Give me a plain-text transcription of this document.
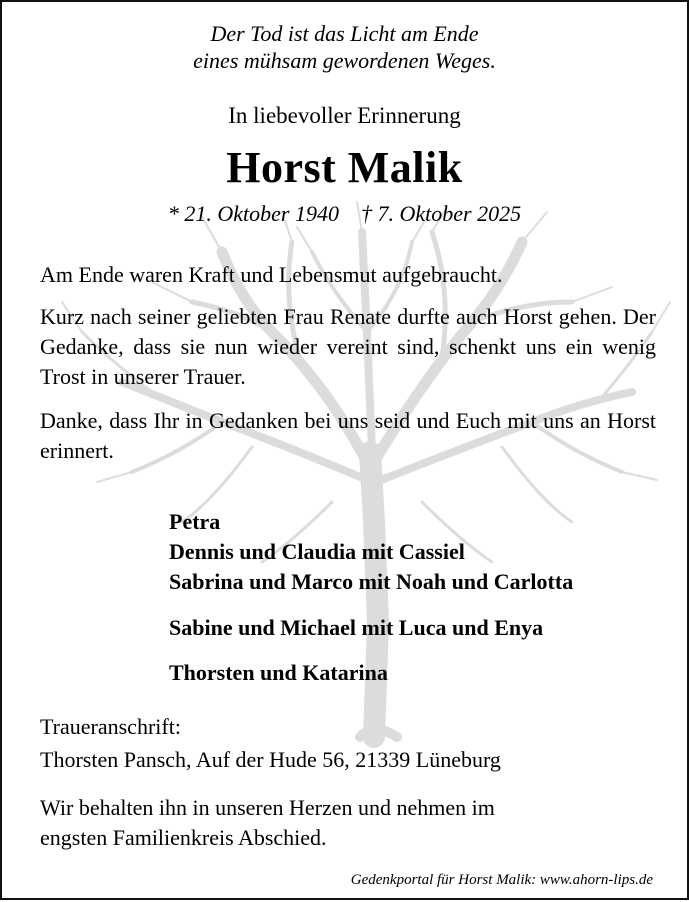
Der Tod ist das Licht am Ende
eines mühsam gewordenen Weges.
In liebevoller Erinnerung
Horst Malik
* 21. Oktober 1940 † 7. Oktober 2025
Am Ende waren Kraft und Lebensmut aufgebraucht.
Kurz nach seiner geliebten Frau Renate durfte auch Horst gehen. Der Gedanke, dass sie nun wieder vereint sind, schenkt uns ein wenig Trost in unserer Trauer.
Danke, dass Ihr in Gedanken bei uns seid und Euch mit uns an Horst erinnert.
Petra
Dennis und Claudia mit Cassiel
Sabrina und Marco mit Noah und Carlotta
Sabine und Michael mit Luca und Enya
Thorsten und Katarina
Traueranschrift:
Thorsten Pansch, Auf der Hude 56, 21339 Lüneburg
Wir behalten ihn in unseren Herzen und nehmen im
engsten Familienkreis Abschied.
Gedenkportal für Horst Malik: www.ahorn-lips.de
